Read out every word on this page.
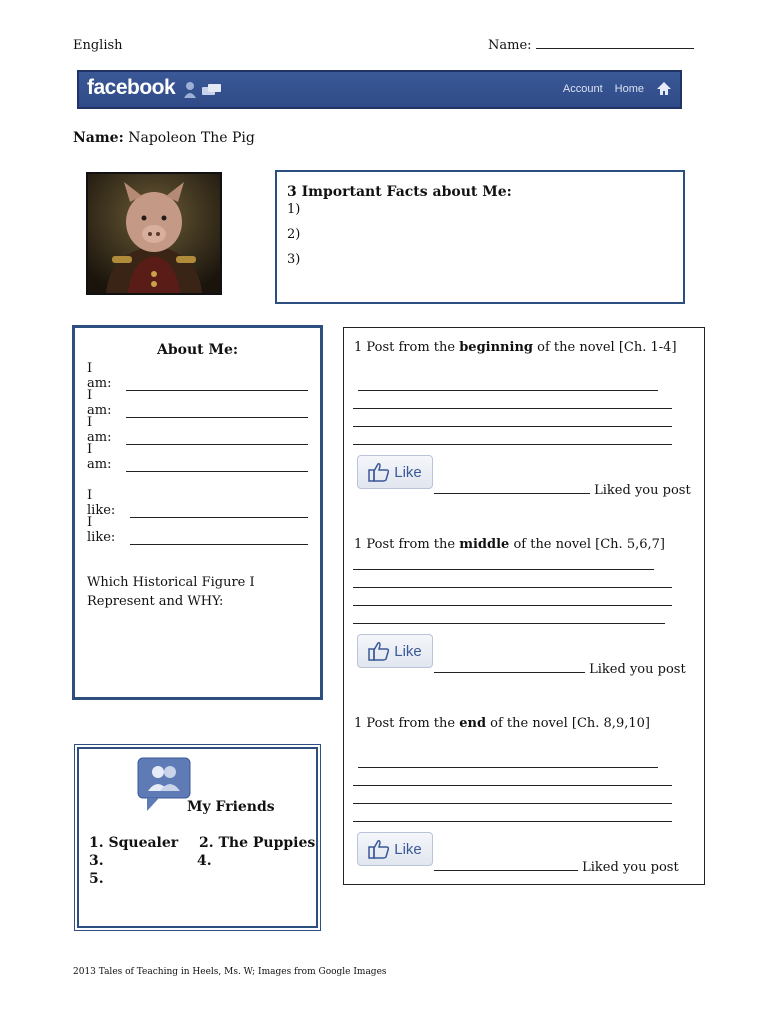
English	Name:
facebook	Account Home
Name: Napoleon The Pig
3 Important Facts about Me:
1)
2)
3)
About Me:
I am:
I am:
I am:
I am:
I like:
I like:
Which Historical Figure I
Represent and WHY:
My Friends
1. Squealer 2. The Puppies
3.	4.
5.
1 Post from the beginning of the novel [Ch. 1-4]
Like
Liked you post
1 Post from the middle of the novel [Ch. 5,6,7]
Like
Liked you post
1 Post from the end of the novel [Ch. 8,9,10]
Like
Liked you post
2013 Tales of Teaching in Heels, Ms. W; Images from Google Images
